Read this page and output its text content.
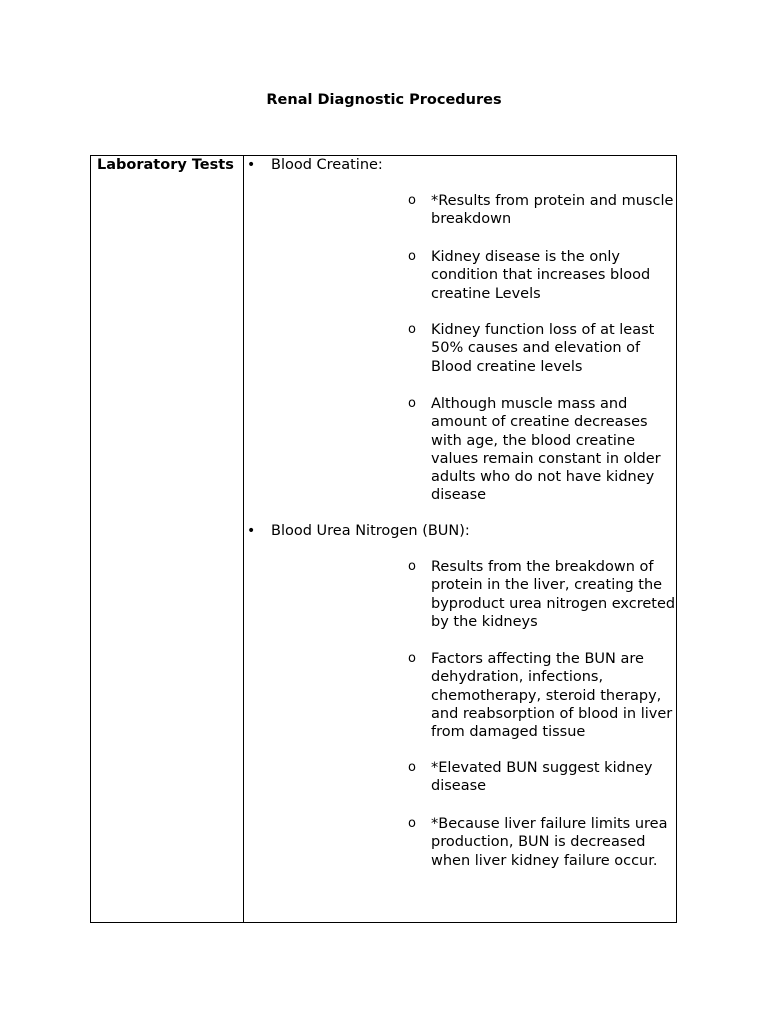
Renal Diagnostic Procedures
Laboratory Tests • Blood Creatine:
o *Results from protein and muscle breakdown
o Kidney disease is the only condition that increases blood creatine Levels
o Kidney function loss of at least 50% causes and elevation of Blood creatine levels
o Although muscle mass and amount of creatine decreases with age, the blood creatine values remain constant in older adults who do not have kidney disease
• Blood Urea Nitrogen (BUN):
o Results from the breakdown of protein in the liver, creating the byproduct urea nitrogen excreted by the kidneys
o Factors affecting the BUN are dehydration, infections, chemotherapy, steroid therapy, and reabsorption of blood in liver from damaged tissue
o *Elevated BUN suggest kidney disease
o *Because liver failure limits urea production, BUN is decreased when liver kidney failure occur.
